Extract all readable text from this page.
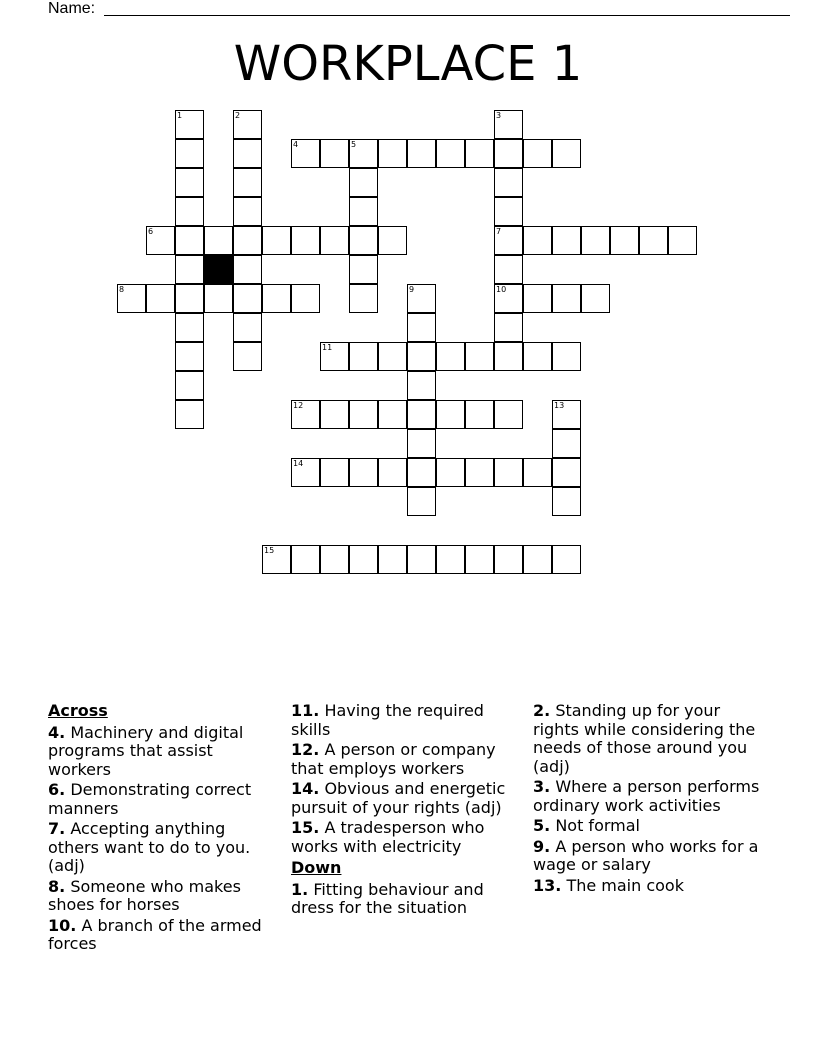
Name:
WORKPLACE 1
1	2	3
7
10
4	5
6
8	9
11
12	13
14
15
Across
4. Machinery and digital programs that assist workers
6. Demonstrating correct manners
7. Accepting anything others want to do to you. (adj)
8. Someone who makes shoes for horses
10. A branch of the armed forces
11. Having the required skills
12. A person or company that employs workers
14. Obvious and energetic pursuit of your rights (adj)
15. A tradesperson who works with electricity
Down
1. Fitting behaviour and dress for the situation
2. Standing up for your rights while considering the needs of those around you (adj)
3. Where a person performs ordinary work activities
5. Not formal
9. A person who works for a wage or salary
13. The main cook
